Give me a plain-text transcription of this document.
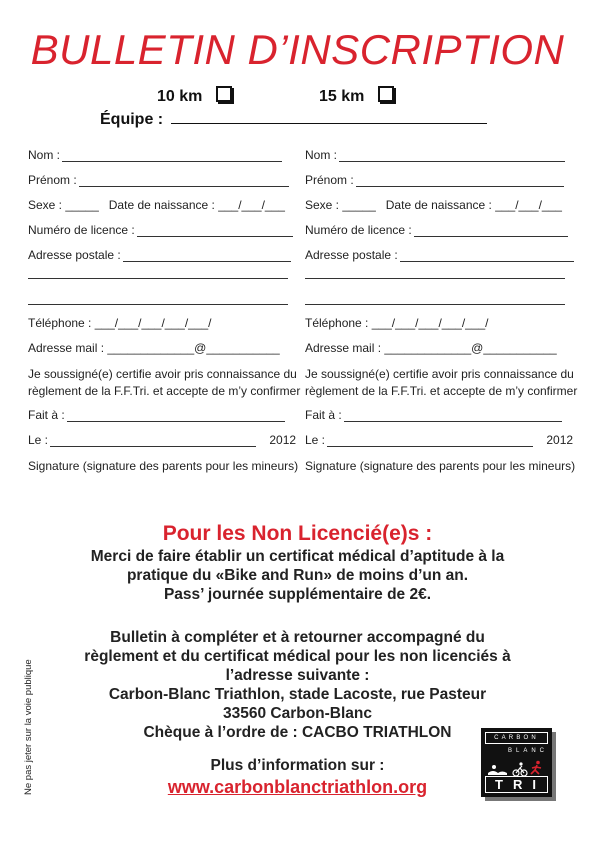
BULLETIN D’INSCRIPTION
10 km	15 km
Équipe :
Nom :
Prénom :
Sexe :
_____
Date de naissance :
___/___/___
Numéro de licence :
Adresse postale :
Téléphone :
___/___/___/___/___/
Adresse mail :
_____________@___________
Je soussigné(e) certifie avoir pris connaissance du
règlement de la F.F.Tri. et accepte de m’y confirmer
Fait à :
Le :
	2012
Signature (signature des parents pour les mineurs)
Nom :
Prénom :
Sexe :
_____
Date de naissance :
___/___/___
Numéro de licence :
Adresse postale :
Téléphone :
___/___/___/___/___/
Adresse mail :
_____________@___________
Je soussigné(e) certifie avoir pris connaissance du
règlement de la F.F.Tri. et accepte de m’y confirmer
Fait à :
Le :
	2012
Signature (signature des parents pour les mineurs)
Pour les Non Licencié(e)s :
Merci de faire établir un certificat médical d’aptitude à la
pratique du «Bike and Run» de moins d’un an.
Pass’ journée supplémentaire de 2€.
Bulletin à compléter et à retourner accompagné du
règlement et du certificat médical pour les non licenciés à
l’adresse suivante :
Carbon-Blanc Triathlon, stade Lacoste, rue Pasteur
33560 Carbon-Blanc
Chèque à l’ordre de : CACBO TRIATHLON
Plus d’information sur :
www.carbonblanctriathlon.org
Ne pas jeter sur la voie publique	CARBON
BLANC
TRI
